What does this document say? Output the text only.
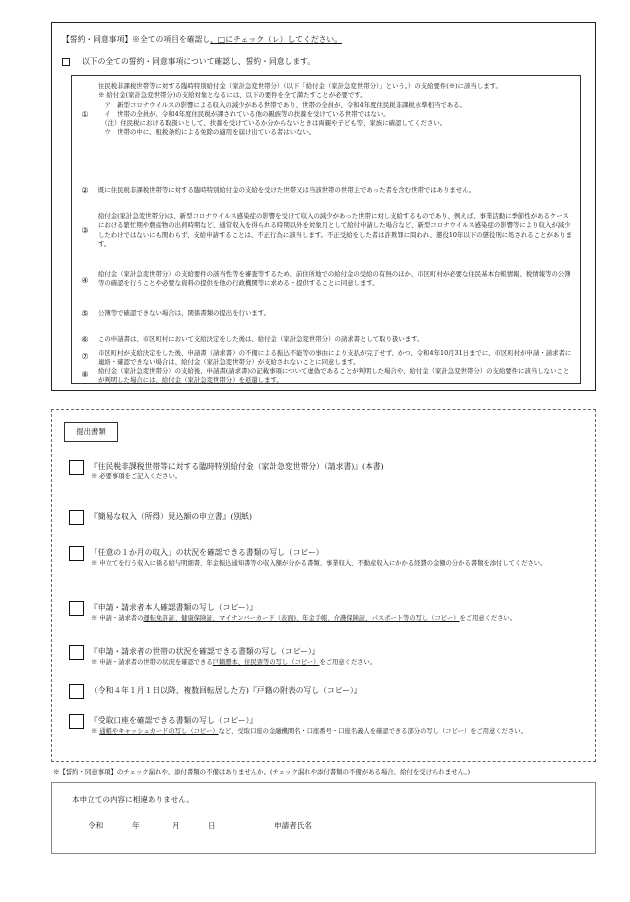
【誓約・同意事項】※全ての項目を確認し、□にチェック（レ）してください。
以下の全ての誓約・同意事項について確認し、誓約・同意します。
①
住民税非課税世帯等に対する臨時特別給付金（家計急変世帯分）（以下「給付金（家計急変世帯分）」という。）の支給要件(※)に該当します。
※ 給付金(家計急変世帯分)の支給対象となるには、以下の要件を全て満たすことが必要です。
　ア　新型コロナウイルスの影響による収入の減少がある世帯であり、世帯の全員が、令和4年度住民税非課税水準相当である。
　イ　世帯の全員が、令和4年度住民税が課されている他の親族等の扶養を受けている世帯ではない。
　（注）住民税における取扱いとして、扶養を受けているか分からないときは両親や子ども等、家族に確認してください。
　ウ　世帯の中に、租税条約による免除の適用を届け出ている者はいない。
②	既に住民税非課税世帯等に対する臨時特別給付金の支給を受けた世帯又は当該世帯の世帯主であった者を含む世帯ではありません。
③
給付金(家計急変世帯分)は、新型コロナウイルス感染症の影響を受けて収入の減少があった世帯に対し支給するものであり、例えば、事業活動に季節性があるケースにおける繁忙期や農産物の出荷時期など、通常収入を得られる時期以外を対象月として給付申請した場合など、新型コロナウイルス感染症の影響等により収入が減少したわけではないにも関わらず、支給申請することは、不正行為に該当します。不正受給をした者は詐欺罪に問われ、懲役10年以下の懲役刑に処されることがあります。
④
給付金（家計急変世帯分）の支給要件の該当性等を審査等するため、前住所地での給付金の受給の有無のほか、市区町村が必要な住民基本台帳情報、税情報等の公簿等の確認を行うことや必要な資料の提供を他の行政機関等に求める・提供することに同意します。
⑤	公簿等で確認できない場合は、関係書類の提出を行います。
⑥	この申請書は、市区町村において支給決定をした後は、給付金（家計急変世帯分）の請求書として取り扱います。
⑦	市区町村が支給決定をした後、申請書（請求書）の不備による振込不能等の事由により支払が完了せず、かつ、令和4年10月31日までに、市区町村が申請・請求者に連絡・確認できない場合は、給付金（家計急変世帯分）が支給されないことに同意します。
⑧	給付金（家計急変世帯分）の支給後、申請書(請求書)の記載事項について虚偽であることが判明した場合や、給付金（家計急変世帯分）の支給要件に該当しないことが判明した場合には、給付金（家計急変世帯分）を返還します。
提出書類
『住民税非課税世帯等に対する臨時特別給付金（家計急変世帯分）（請求書)』(本書)
※ 必要事項をご記入ください。
『簡易な収入（所得）見込額の申立書』(別紙)
「任意の１か月の収入」の状況を確認できる書類の写し（コピー）
※ 申立てを行う収入に係る給与明細書、年金振込通知書等の収入額が分かる書類、事業収入、不動産収入にかかる経費の金額の分かる書類を添付してください。
『申請・請求者本人確認書類の写し（コピー）』
※ 申請・請求者の運転免許証、健康保険証、マイナンバーカード（表面)、年金手帳、介護保険証、パスポート等の写し（コピー）をご用意ください。
『申請・請求者の世帯の状況を確認できる書類の写し（コピー）』
※ 申請・請求者の世帯の状況を確認できる戸籍謄本、住民票等の写し（コピー）をご用意ください。
（令和４年１月１日以降、複数回転居した方)『戸籍の附表の写し（コピー）』
『受取口座を確認できる書類の写し（コピー）』
※ 通帳やキャッシュカードの写し（コピー）など、受取口座の金融機関名・口座番号・口座名義人を確認できる部分の写し（コピー）をご用意ください。
※【誓約・同意事項】のチェック漏れや、添付書類の不備はありませんか。(チェック漏れや添付書類の不備がある場合、給付を受けられません。)
本申立ての内容に相違ありません。
令和	年	月	日	申請者氏名
